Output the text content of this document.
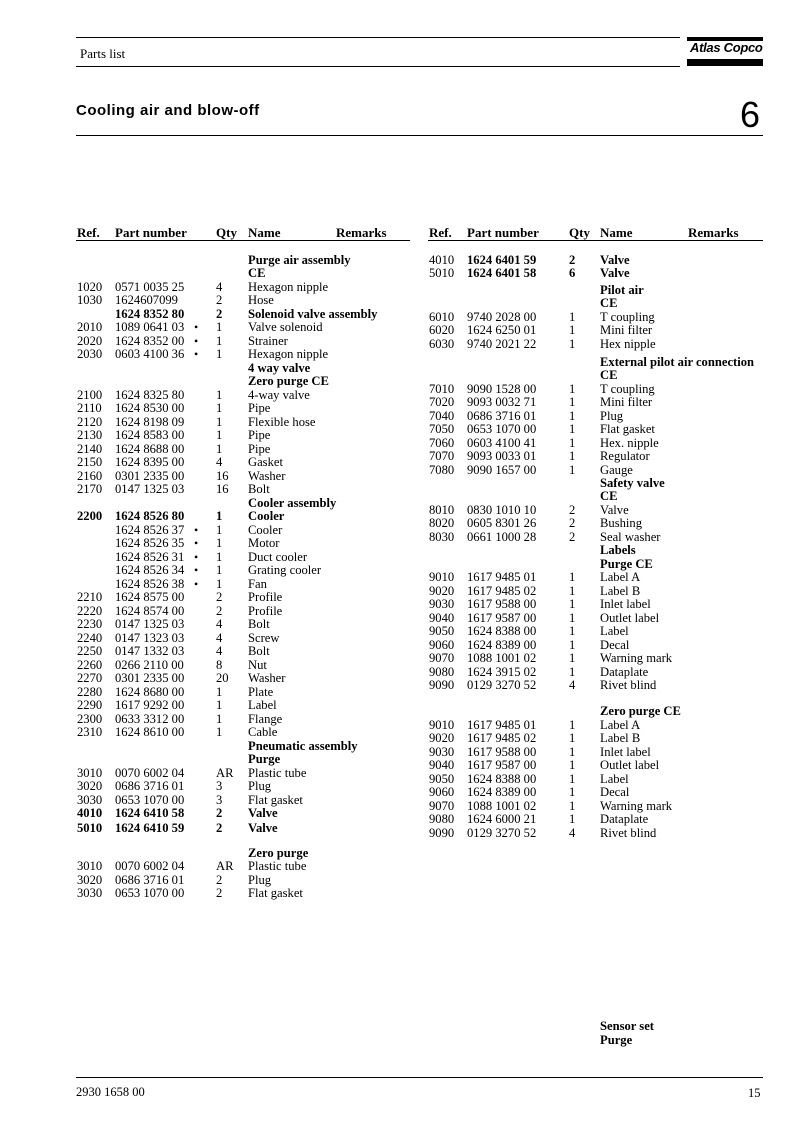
Parts list	Atlas Copco
Cooling air and blow-off	6
Ref. Part number Qty Name	Remarks	Ref. Part number Qty Name	Remarks
Purge air assembly
CE
1020 0571 0035 25	4 Hexagon nipple
1030 1624607099	2 Hose
1624 8352 80	2 Solenoid valve assembly
2010 1089 0641 03 • 1 Valve solenoid
2020 1624 8352 00 • 1 Strainer
2030 0603 4100 36 • 1 Hexagon nipple
4 way valve
Zero purge CE
2100 1624 8325 80	1 4-way valve
2110 1624 8530 00	1 Pipe
2120 1624 8198 09	1 Flexible hose
2130 1624 8583 00	1 Pipe
2140 1624 8688 00	1 Pipe
2150 1624 8395 00	4 Gasket
2160 0301 2335 00	16 Washer
2170 0147 1325 03	16 Bolt
Cooler assembly
2200 1624 8526 80	1 Cooler
1624 8526 37 • 1 Cooler
1624 8526 35 • 1 Motor
1624 8526 31 • 1 Duct cooler
1624 8526 34 • 1 Grating cooler
1624 8526 38 • 1 Fan
2210 1624 8575 00	2 Profile
2220 1624 8574 00	2 Profile
2230 0147 1325 03	4 Bolt
2240 0147 1323 03	4 Screw
2250 0147 1332 03	4 Bolt
2260 0266 2110 00	8 Nut
2270 0301 2335 00	20 Washer
2280 1624 8680 00	1 Plate
2290 1617 9292 00	1 Label
2300 0633 3312 00	1 Flange
2310 1624 8610 00	1 Cable
Pneumatic assembly
Purge
3010 0070 6002 04	AR Plastic tube
3020 0686 3716 01	3 Plug
3030 0653 1070 00	3 Flat gasket
4010 1624 6410 58	2 Valve
5010 1624 6410 59	2 Valve
Zero purge
3010 0070 6002 04	AR Plastic tube
3020 0686 3716 01	2 Plug
3030 0653 1070 00	2 Flat gasket
4010 1624 6401 59	2 Valve
5010 1624 6401 58	6 Valve
Pilot air
CE
6010 9740 2028 00	1 T coupling
6020 1624 6250 01	1 Mini filter
6030 9740 2021 22	1 Hex nipple
External pilot air connection
CE
7010 9090 1528 00	1 T coupling
7020 9093 0032 71	1 Mini filter
7040 0686 3716 01	1 Plug
7050 0653 1070 00	1 Flat gasket
7060 0603 4100 41	1 Hex. nipple
7070 9093 0033 01	1 Regulator
7080 9090 1657 00	1 Gauge
Safety valve
CE
8010 0830 1010 10	2 Valve
8020 0605 8301 26	2 Bushing
8030 0661 1000 28	2 Seal washer
Labels
Purge CE
9010 1617 9485 01	1 Label A
9020 1617 9485 02	1 Label B
9030 1617 9588 00	1 Inlet label
9040 1617 9587 00	1 Outlet label
9050 1624 8388 00	1 Label
9060 1624 8389 00	1 Decal
9070 1088 1001 02	1 Warning mark
9080 1624 3915 02	1 Dataplate
9090 0129 3270 52	4 Rivet blind
Zero purge CE
9010 1617 9485 01	1 Label A
9020 1617 9485 02	1 Label B
9030 1617 9588 00	1 Inlet label
9040 1617 9587 00	1 Outlet label
9050 1624 8388 00	1 Label
9060 1624 8389 00	1 Decal
9070 1088 1001 02	1 Warning mark
9080 1624 6000 21	1 Dataplate
9090 0129 3270 52	4 Rivet blind
Sensor set
Purge
2930 1658 00	15
